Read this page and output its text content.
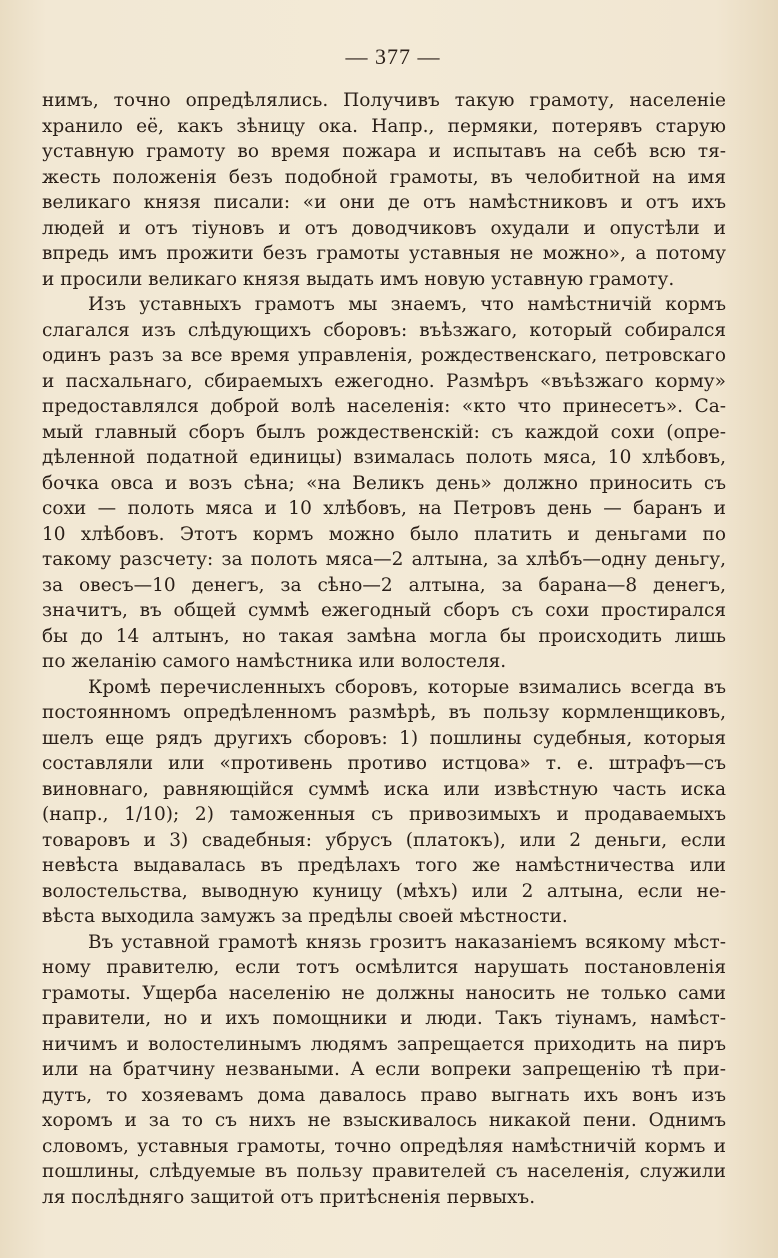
— 377 —
нимъ, точно опредѣлялись. Получивъ такую грамоту, населеніе
хранило её, какъ зѣницу ока. Напр., пермяки, потерявъ старую
уставную грамоту во время пожара и испытавъ на себѣ всю тя-
жесть положенія безъ подобной грамоты, въ челобитной на имя
великаго князя писали: «и они де отъ намѣстниковъ и отъ ихъ
людей и отъ тіуновъ и отъ доводчиковъ охудали и опустѣли и
впредь имъ прожити безъ грамоты уставныя не можно», а потому
и просили великаго князя выдать имъ новую уставную грамоту.
Изъ уставныхъ грамотъ мы знаемъ, что намѣстничій кормъ
слагался изъ слѣдующихъ сборовъ: въѣзжаго, который собирался
одинъ разъ за все время управленія, рождественскаго, петровскаго
и пасхальнаго, сбираемыхъ ежегодно. Размѣръ «въѣзжаго корму»
предоставлялся доброй волѣ населенія: «кто что принесетъ». Са-
мый главный сборъ былъ рождественскій: съ каждой сохи (опре-
дѣленной податной единицы) взималась полоть мяса, 10 хлѣбовъ,
бочка овса и возъ сѣна; «на Великъ день» должно приносить съ
сохи — полоть мяса и 10 хлѣбовъ, на Петровъ день — баранъ и
10 хлѣбовъ. Этотъ кормъ можно было платить и деньгами по
такому разсчету: за полоть мяса—2 алтына, за хлѣбъ—одну деньгу,
за овесъ—10 денегъ, за сѣно—2 алтына, за барана—8 денегъ,
значитъ, въ общей суммѣ ежегодный сборъ съ сохи простирался
бы до 14 алтынъ, но такая замѣна могла бы происходить лишь
по желанію самого намѣстника или волостеля.
Кромѣ перечисленныхъ сборовъ, которые взимались всегда въ
постоянномъ опредѣленномъ размѣрѣ, въ пользу кормленщиковъ,
шелъ еще рядъ другихъ сборовъ: 1) пошлины судебныя, которыя
составляли или «противень противо истцова» т. е. штрафъ—съ
виновнаго, равняющійся суммѣ иска или извѣстную часть иска
(напр., 1/10); 2) таможенныя съ привозимыхъ и продаваемыхъ
товаровъ и 3) свадебныя: убрусъ (платокъ), или 2 деньги, если
невѣста выдавалась въ предѣлахъ того же намѣстничества или
волостельства, выводную куницу (мѣхъ) или 2 алтына, если не-
вѣста выходила замужъ за предѣлы своей мѣстности.
Въ уставной грамотѣ князь грозитъ наказаніемъ всякому мѣст-
ному правителю, если тотъ осмѣлится нарушать постановленія
грамоты. Ущерба населенію не должны наносить не только сами
правители, но и ихъ помощники и люди. Такъ тіунамъ, намѣст-
ничимъ и волостелинымъ людямъ запрещается приходить на пиръ
или на братчину незваными. А если вопреки запрещенію тѣ при-
дутъ, то хозяевамъ дома давалось право выгнать ихъ вонъ изъ
хоромъ и за то съ нихъ не взыскивалось никакой пени. Однимъ
словомъ, уставныя грамоты, точно опредѣляя намѣстничій кормъ и
пошлины, слѣдуемые въ пользу правителей съ населенія, служили
ля послѣдняго защитой отъ притѣсненія первыхъ.
